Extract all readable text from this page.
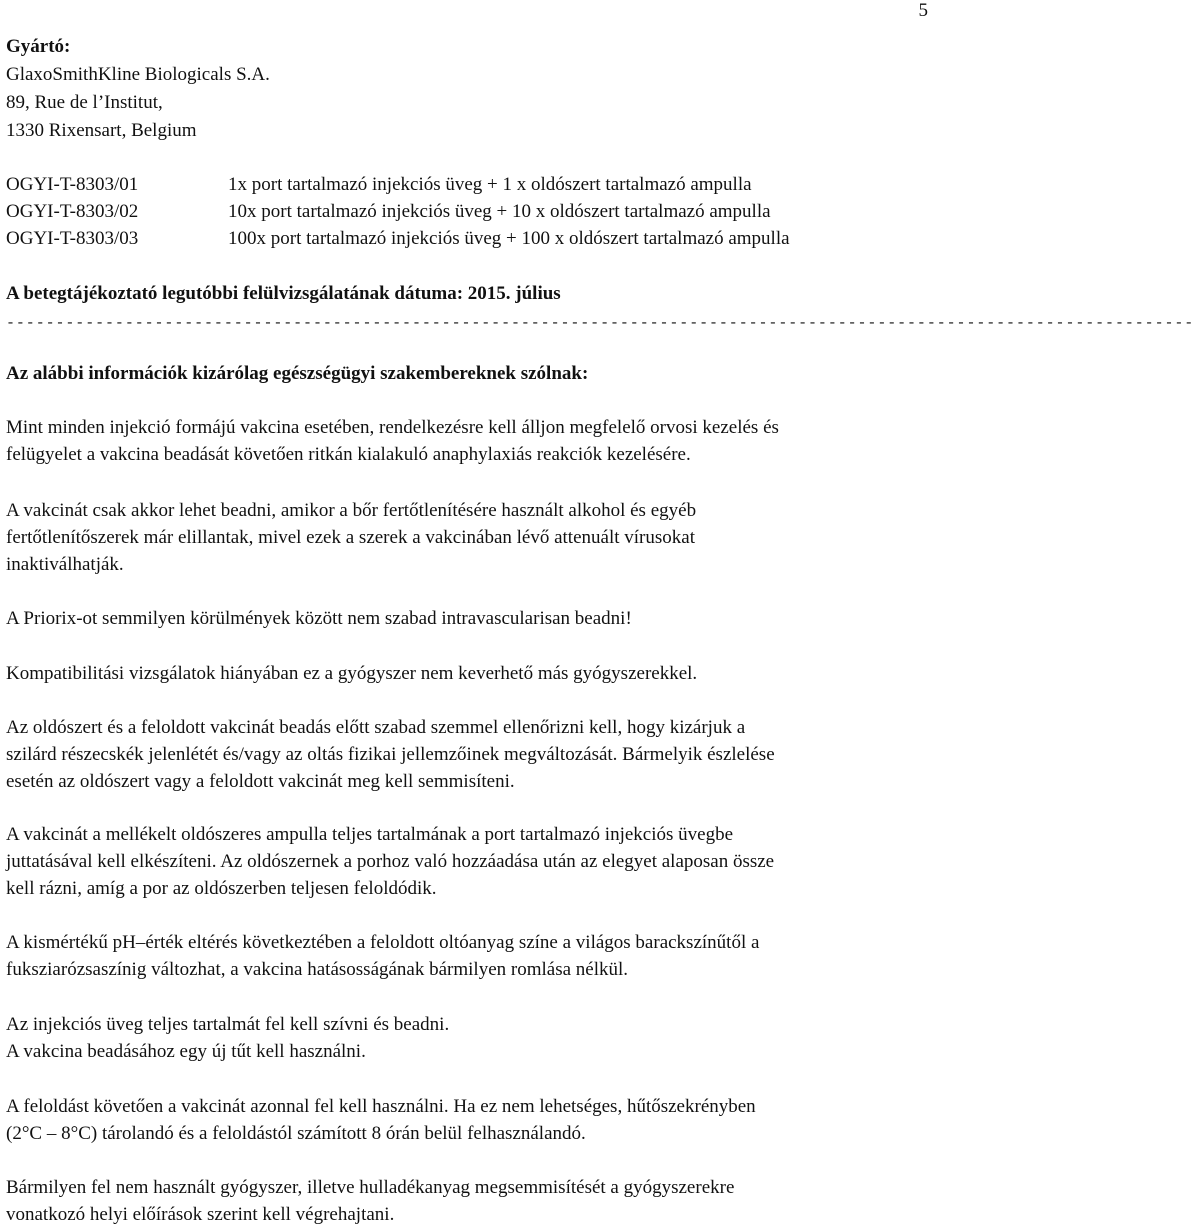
5
Gyártó:
GlaxoSmithKline Biologicals S.A.
89, Rue de l’Institut,
1330 Rixensart, Belgium
OGYI-T-8303/01	1x port tartalmazó injekciós üveg + 1 x oldószert tartalmazó ampulla
OGYI-T-8303/02	10x port tartalmazó injekciós üveg + 10 x oldószert tartalmazó ampulla
OGYI-T-8303/03	100x port tartalmazó injekciós üveg + 100 x oldószert tartalmazó ampulla
A betegtájékoztató legutóbbi felülvizsgálatának dátuma: 2015. július
------------------------------------------------------------------------------------------------------------------------
Az alábbi információk kizárólag egészségügyi szakembereknek szólnak:

Mint minden injekció formájú vakcina esetében, rendelkezésre kell álljon megfelelő orvosi kezelés és

felügyelet a vakcina beadását követően ritkán kialakuló anaphylaxiás reakciók kezelésére.

A vakcinát csak akkor lehet beadni, amikor a bőr fertőtlenítésére használt alkohol és egyéb

fertőtlenítőszerek már elillantak, mivel ezek a szerek a vakcinában lévő attenuált vírusokat

inaktiválhatják.

A Priorix-ot semmilyen körülmények között nem szabad intravascularisan beadni!

Kompatibilitási vizsgálatok hiányában ez a gyógyszer nem keverhető más gyógyszerekkel.

Az oldószert és a feloldott vakcinát beadás előtt szabad szemmel ellenőrizni kell, hogy kizárjuk a

szilárd részecskék jelenlétét és/vagy az oltás fizikai jellemzőinek megváltozását. Bármelyik észlelése

esetén az oldószert vagy a feloldott vakcinát meg kell semmisíteni.

A vakcinát a mellékelt oldószeres ampulla teljes tartalmának a port tartalmazó injekciós üvegbe

juttatásával kell elkészíteni. Az oldószernek a porhoz való hozzáadása után az elegyet alaposan össze

kell rázni, amíg a por az oldószerben teljesen feloldódik.

A kismértékű pH–érték eltérés következtében a feloldott oltóanyag színe a világos barackszínűtől a

fuksziarózsaszínig változhat, a vakcina hatásosságának bármilyen romlása nélkül.

Az injekciós üveg teljes tartalmát fel kell szívni és beadni.

A vakcina beadásához egy új tűt kell használni.

A feloldást követően a vakcinát azonnal fel kell használni. Ha ez nem lehetséges, hűtőszekrényben

(2°C – 8°C) tárolandó és a feloldástól számított 8 órán belül felhasználandó.

Bármilyen fel nem használt gyógyszer, illetve hulladékanyag megsemmisítését a gyógyszerekre

vonatkozó helyi előírások szerint kell végrehajtani.
